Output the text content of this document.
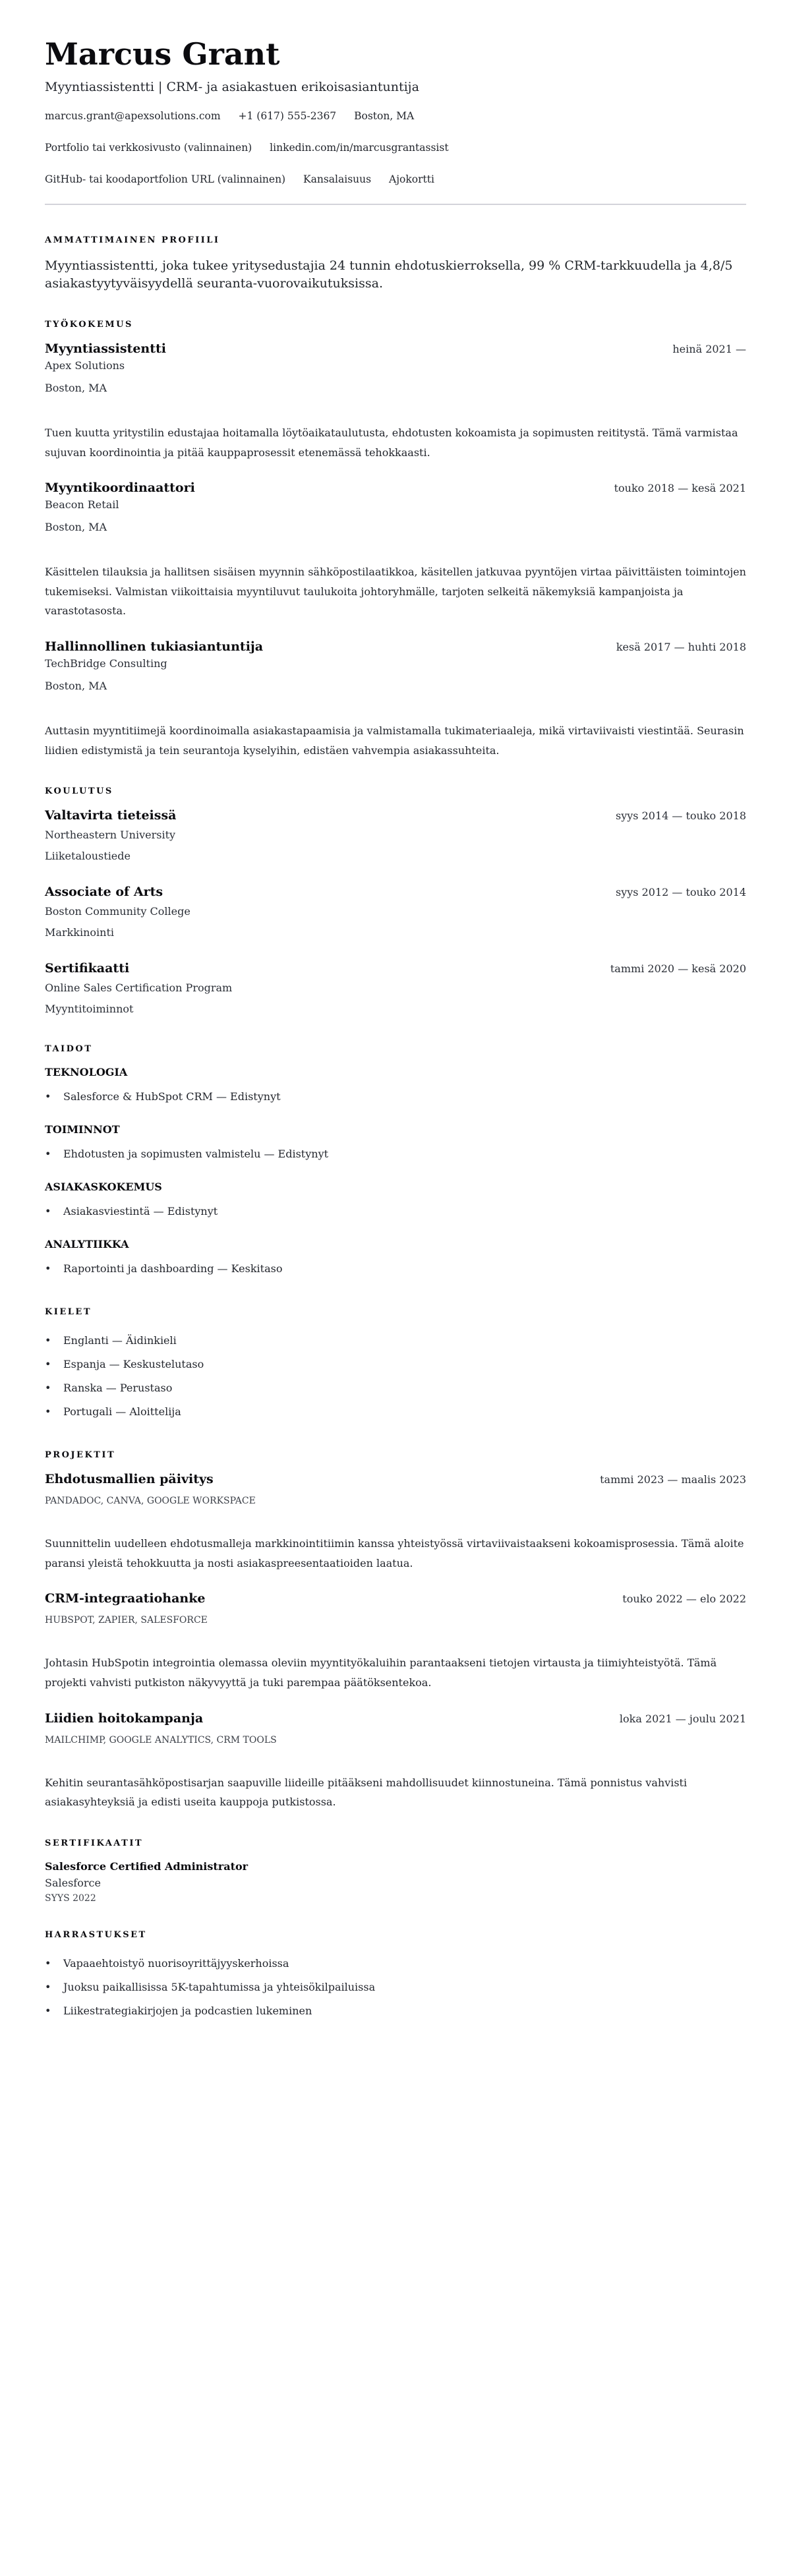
Marcus Grant
Myyntiassistentti | CRM- ja asiakastuen erikoisasiantuntija
marcus.grant@apexsolutions.com +1 (617) 555-2367 Boston, MA
Portfolio tai verkkosivusto (valinnainen) linkedin.com/in/marcusgrantassist
GitHub- tai koodaportfolion URL (valinnainen) Kansalaisuus Ajokortti
AMMATTIMAINEN PROFIILI

Myyntiassistentti, joka tukee yritysedustajia 24 tunnin ehdotuskierroksella, 99 % CRM-tarkkuudella ja 4,8/5 asiakastyytyväisyydellä seuranta-vuorovaikutuksissa.

TYÖKOKEMUS
Myyntiassistentti	heinä 2021 —
Apex Solutions
Boston, MA

Tuen kuutta yritystilin edustajaa hoitamalla löytöaikataulutusta, ehdotusten kokoamista ja sopimusten reititystä. Tämä varmistaa sujuvan koordinointia ja pitää kauppaprosessit etenemässä tehokkaasti.

Myyntikoordinaattori	touko 2018 — kesä 2021
Beacon Retail
Boston, MA

Käsittelen tilauksia ja hallitsen sisäisen myynnin sähköpostilaatikkoa, käsitellen jatkuvaa pyyntöjen virtaa päivittäisten toimintojen tukemiseksi. Valmistan viikoittaisia myyntiluvut taulukoita johtoryhmälle, tarjoten selkeitä näkemyksiä kampanjoista ja varastotasosta.

Hallinnollinen tukiasiantuntija	kesä 2017 — huhti 2018
TechBridge Consulting
Boston, MA

Auttasin myyntitiimejä koordinoimalla asiakastapaamisia ja valmistamalla tukimateriaaleja, mikä virtaviivaisti viestintää. Seurasin liidien edistymistä ja tein seurantoja kyselyihin, edistäen vahvempia asiakassuhteita.

KOULUTUS
Valtavirta tieteissä	syys 2014 — touko 2018
Northeastern University
Liiketaloustiede
Associate of Arts	syys 2012 — touko 2014
Boston Community College
Markkinointi
Sertifikaatti	tammi 2020 — kesä 2020
Online Sales Certification Program
Myyntitoiminnot
TAIDOT
TEKNOLOGIA
• Salesforce & HubSpot CRM — Edistynyt
TOIMINNOT
• Ehdotusten ja sopimusten valmistelu — Edistynyt
ASIAKASKOKEMUS
• Asiakasviestintä — Edistynyt
ANALYTIIKKA
• Raportointi ja dashboarding — Keskitaso
KIELET
• Englanti — Äidinkieli
• Espanja — Keskustelutaso
• Ranska — Perustaso
• Portugali — Aloittelija
PROJEKTIT
Ehdotusmallien päivitys	tammi 2023 — maalis 2023
PANDADOC, CANVA, GOOGLE WORKSPACE

Suunnittelin uudelleen ehdotusmalleja markkinointitiimin kanssa yhteistyössä virtaviivaistaakseni kokoamisprosessia. Tämä aloite paransi yleistä tehokkuutta ja nosti asiakaspreesentaatioiden laatua.

CRM-integraatiohanke	touko 2022 — elo 2022
HUBSPOT, ZAPIER, SALESFORCE

Johtasin HubSpotin integrointia olemassa oleviin myyntityökaluihin parantaakseni tietojen virtausta ja tiimiyhteistyötä. Tämä projekti vahvisti putkiston näkyvyyttä ja tuki parempaa päätöksentekoa.

Liidien hoitokampanja	loka 2021 — joulu 2021
MAILCHIMP, GOOGLE ANALYTICS, CRM TOOLS

Kehitin seurantasähköpostisarjan saapuville liideille pitääkseni mahdollisuudet kiinnostuneina. Tämä ponnistus vahvisti asiakasyhteyksiä ja edisti useita kauppoja putkistossa.

SERTIFIKAATIT
Salesforce Certified Administrator
Salesforce
SYYS 2022
HARRASTUKSET
• Vapaaehtoistyö nuorisoyrittäjyyskerhoissa
• Juoksu paikallisissa 5K-tapahtumissa ja yhteisökilpailuissa
• Liikestrategiakirjojen ja podcastien lukeminen
